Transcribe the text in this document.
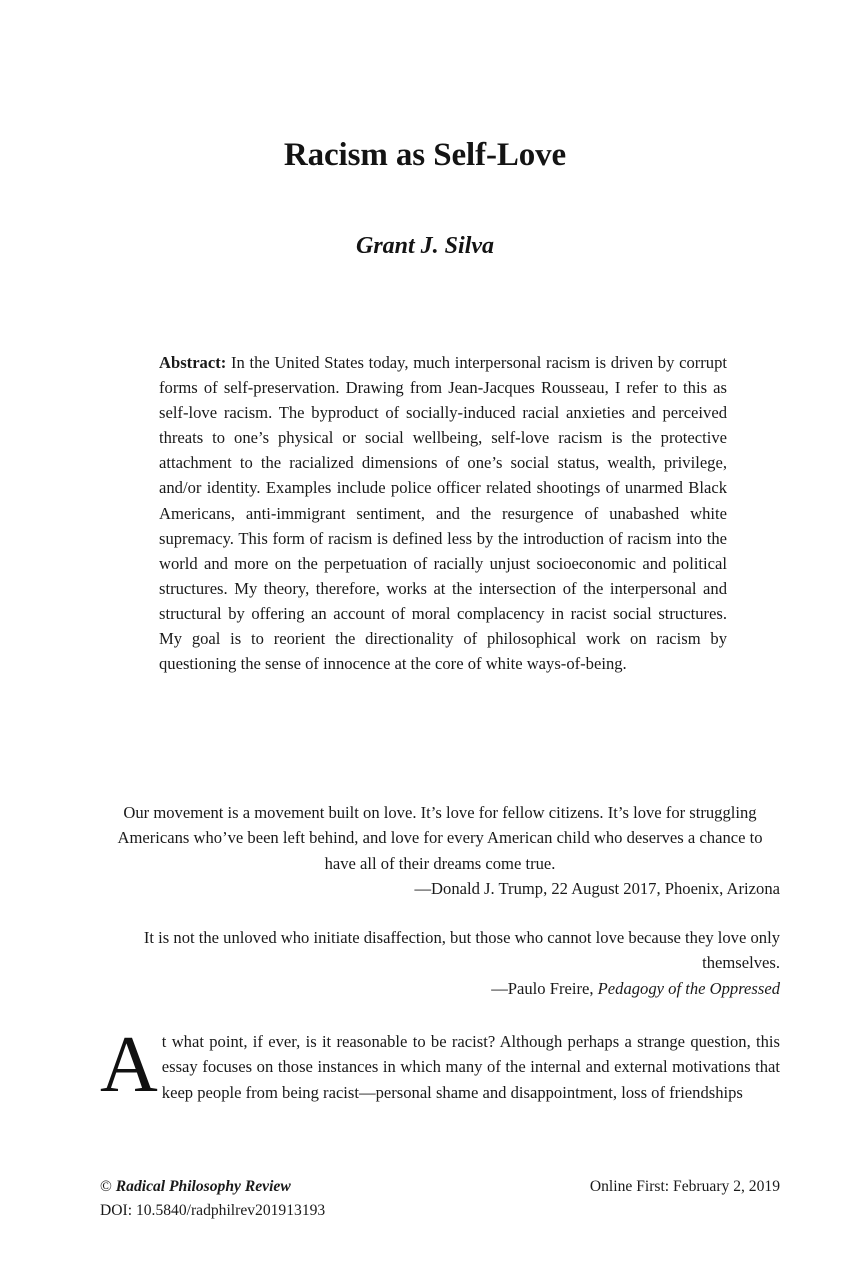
Racism as Self-Love

Grant J. Silva

Abstract: In the United States today, much interpersonal racism is driven by corrupt forms of self-preservation. Drawing from Jean-Jacques Rousseau, I refer to this as self-love racism. The byproduct of socially-induced racial anxieties and perceived threats to one’s physical or social wellbeing, self-love racism is the protective attachment to the racialized dimensions of one’s social status, wealth, privilege, and/or identity. Examples include police officer related shootings of unarmed Black Americans, anti-immigrant sentiment, and the resurgence of unabashed white supremacy. This form of racism is defined less by the introduction of racism into the world and more on the perpetuation of racially unjust socioeconomic and political structures. My theory, therefore, works at the intersection of the interpersonal and structural by offering an account of moral complacency in racist social structures. My goal is to reorient the directionality of philosophical work on racism by questioning the sense of innocence at the core of white ways-of-being.
Our movement is a movement built on love. It’s love for fellow citizens. It’s love for struggling Americans who’ve been left behind, and love for every American child who deserves a chance to have all of their dreams come true.
—Donald J. Trump, 22 August 2017, Phoenix, Arizona
It is not the unloved who initiate disaffection, but those who cannot love because they love only themselves.
—Paulo Freire, Pedagogy of the Oppressed
At what point, if ever, is it reasonable to be racist? Although perhaps a strange question, this essay focuses on those instances in which many of the internal and external motivations that keep people from being racist—personal shame and disappointment, loss of friendships
© Radical Philosophy Review	Online First: February 2, 2019
DOI: 10.5840/radphilrev201913193
